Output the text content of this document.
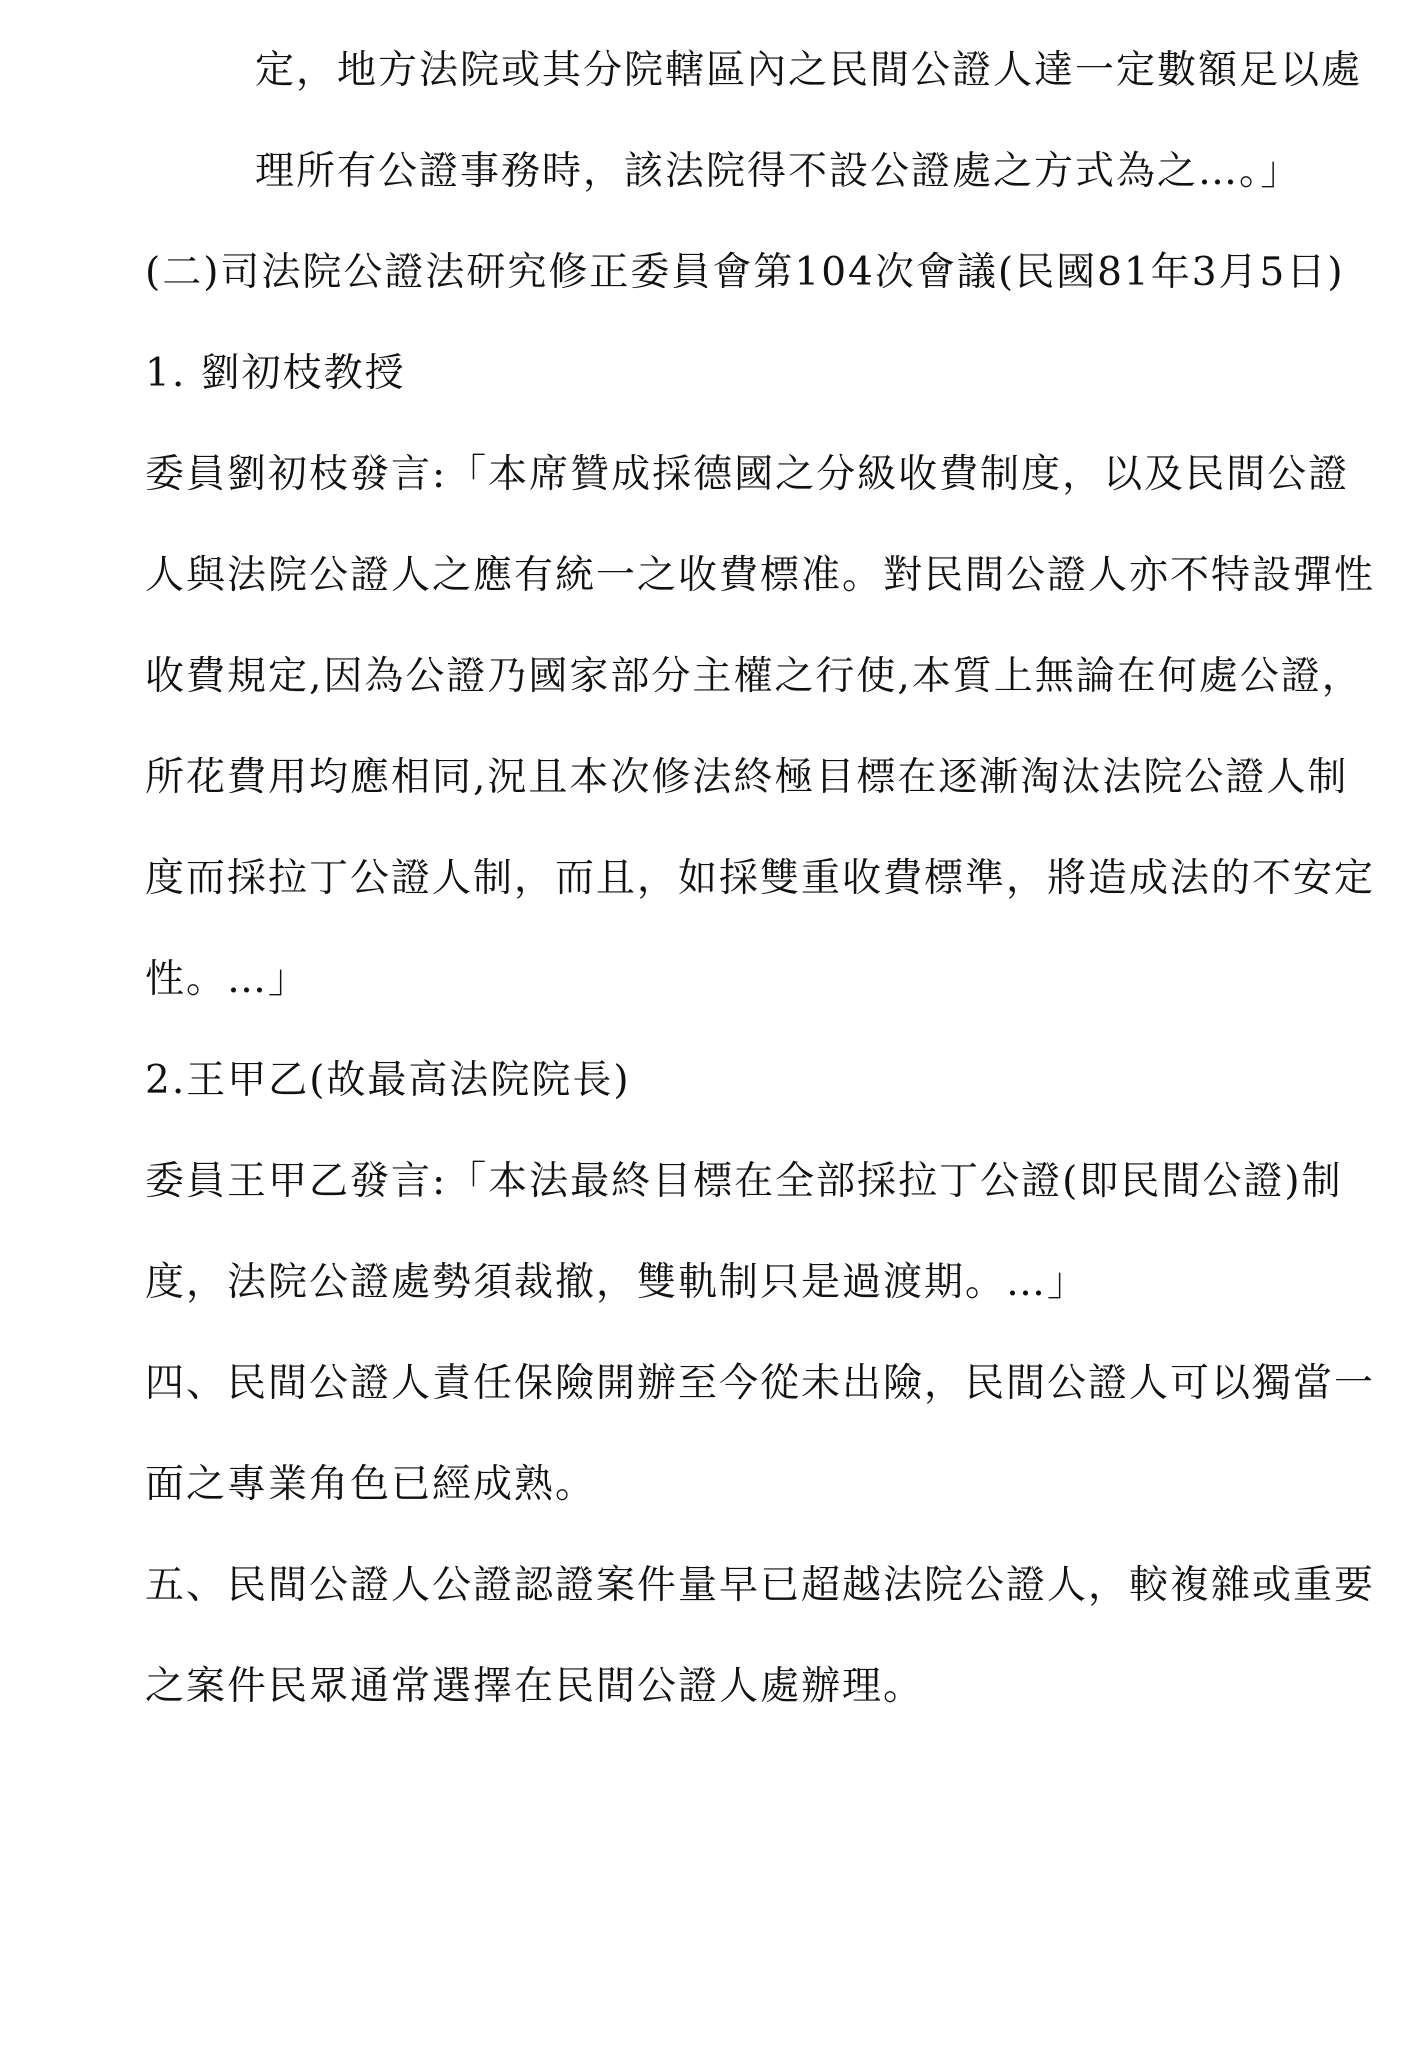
定，地方法院或其分院轄區內之民間公證人達一定數額足以處
理所有公證事務時，該法院得不設公證處之方式為之…。」
(二)司法院公證法研究修正委員會第104次會議(民國81年3月5日)
1. 劉初枝教授
委員劉初枝發言:「本席贊成採德國之分級收費制度，以及民間公證
人與法院公證人之應有統一之收費標准。對民間公證人亦不特設彈性
收費規定,因為公證乃國家部分主權之行使,本質上無論在何處公證，
所花費用均應相同,況且本次修法終極目標在逐漸淘汰法院公證人制
度而採拉丁公證人制，而且，如採雙重收費標準，將造成法的不安定
性。…」
2.王甲乙(故最高法院院長)
委員王甲乙發言:「本法最終目標在全部採拉丁公證(即民間公證)制
度，法院公證處勢須裁撤，雙軌制只是過渡期。…」
四、民間公證人責任保險開辦至今從未出險，民間公證人可以獨當一
面之專業角色已經成熟。
五、民間公證人公證認證案件量早已超越法院公證人，較複雜或重要
之案件民眾通常選擇在民間公證人處辦理。
